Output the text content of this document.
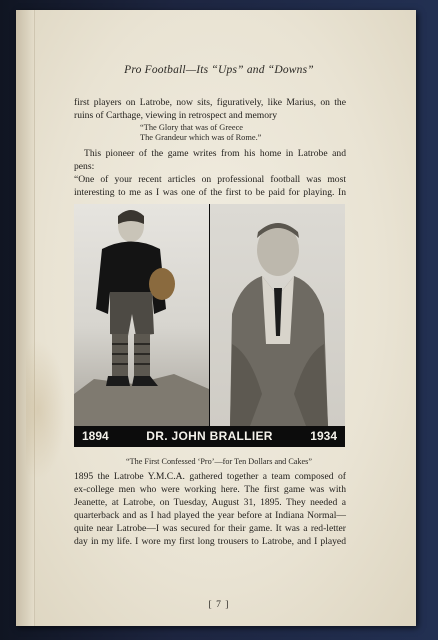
Pro Football—Its “Ups” and “Downs”
first players on Latrobe, now sits, figuratively, like Marius, on the
ruins of Carthage, viewing in retrospect and memory
“The Glory that was of Greece
The Grandeur which was of Rome.”
This pioneer of the game writes from his home in Latrobe and
pens:
“One of your recent articles on professional football was most
interesting to me as I was one of the first to be paid for playing. In
DR. JOHN BRALLIER
1894	1934
“The First Confessed ‘Pro’—for Ten Dollars and Cakes”
1895 the Latrobe Y.M.C.A. gathered together a team composed of
ex-college men who were working here. The first game was with
Jeanette, at Latrobe, on Tuesday, August 31, 1895. They needed a
quarterback and as I had played the year before at Indiana Normal—
quite near Latrobe—I was secured for their game. It was a red-letter
day in my life. I wore my first long trousers to Latrobe, and I played
[ 7 ]
